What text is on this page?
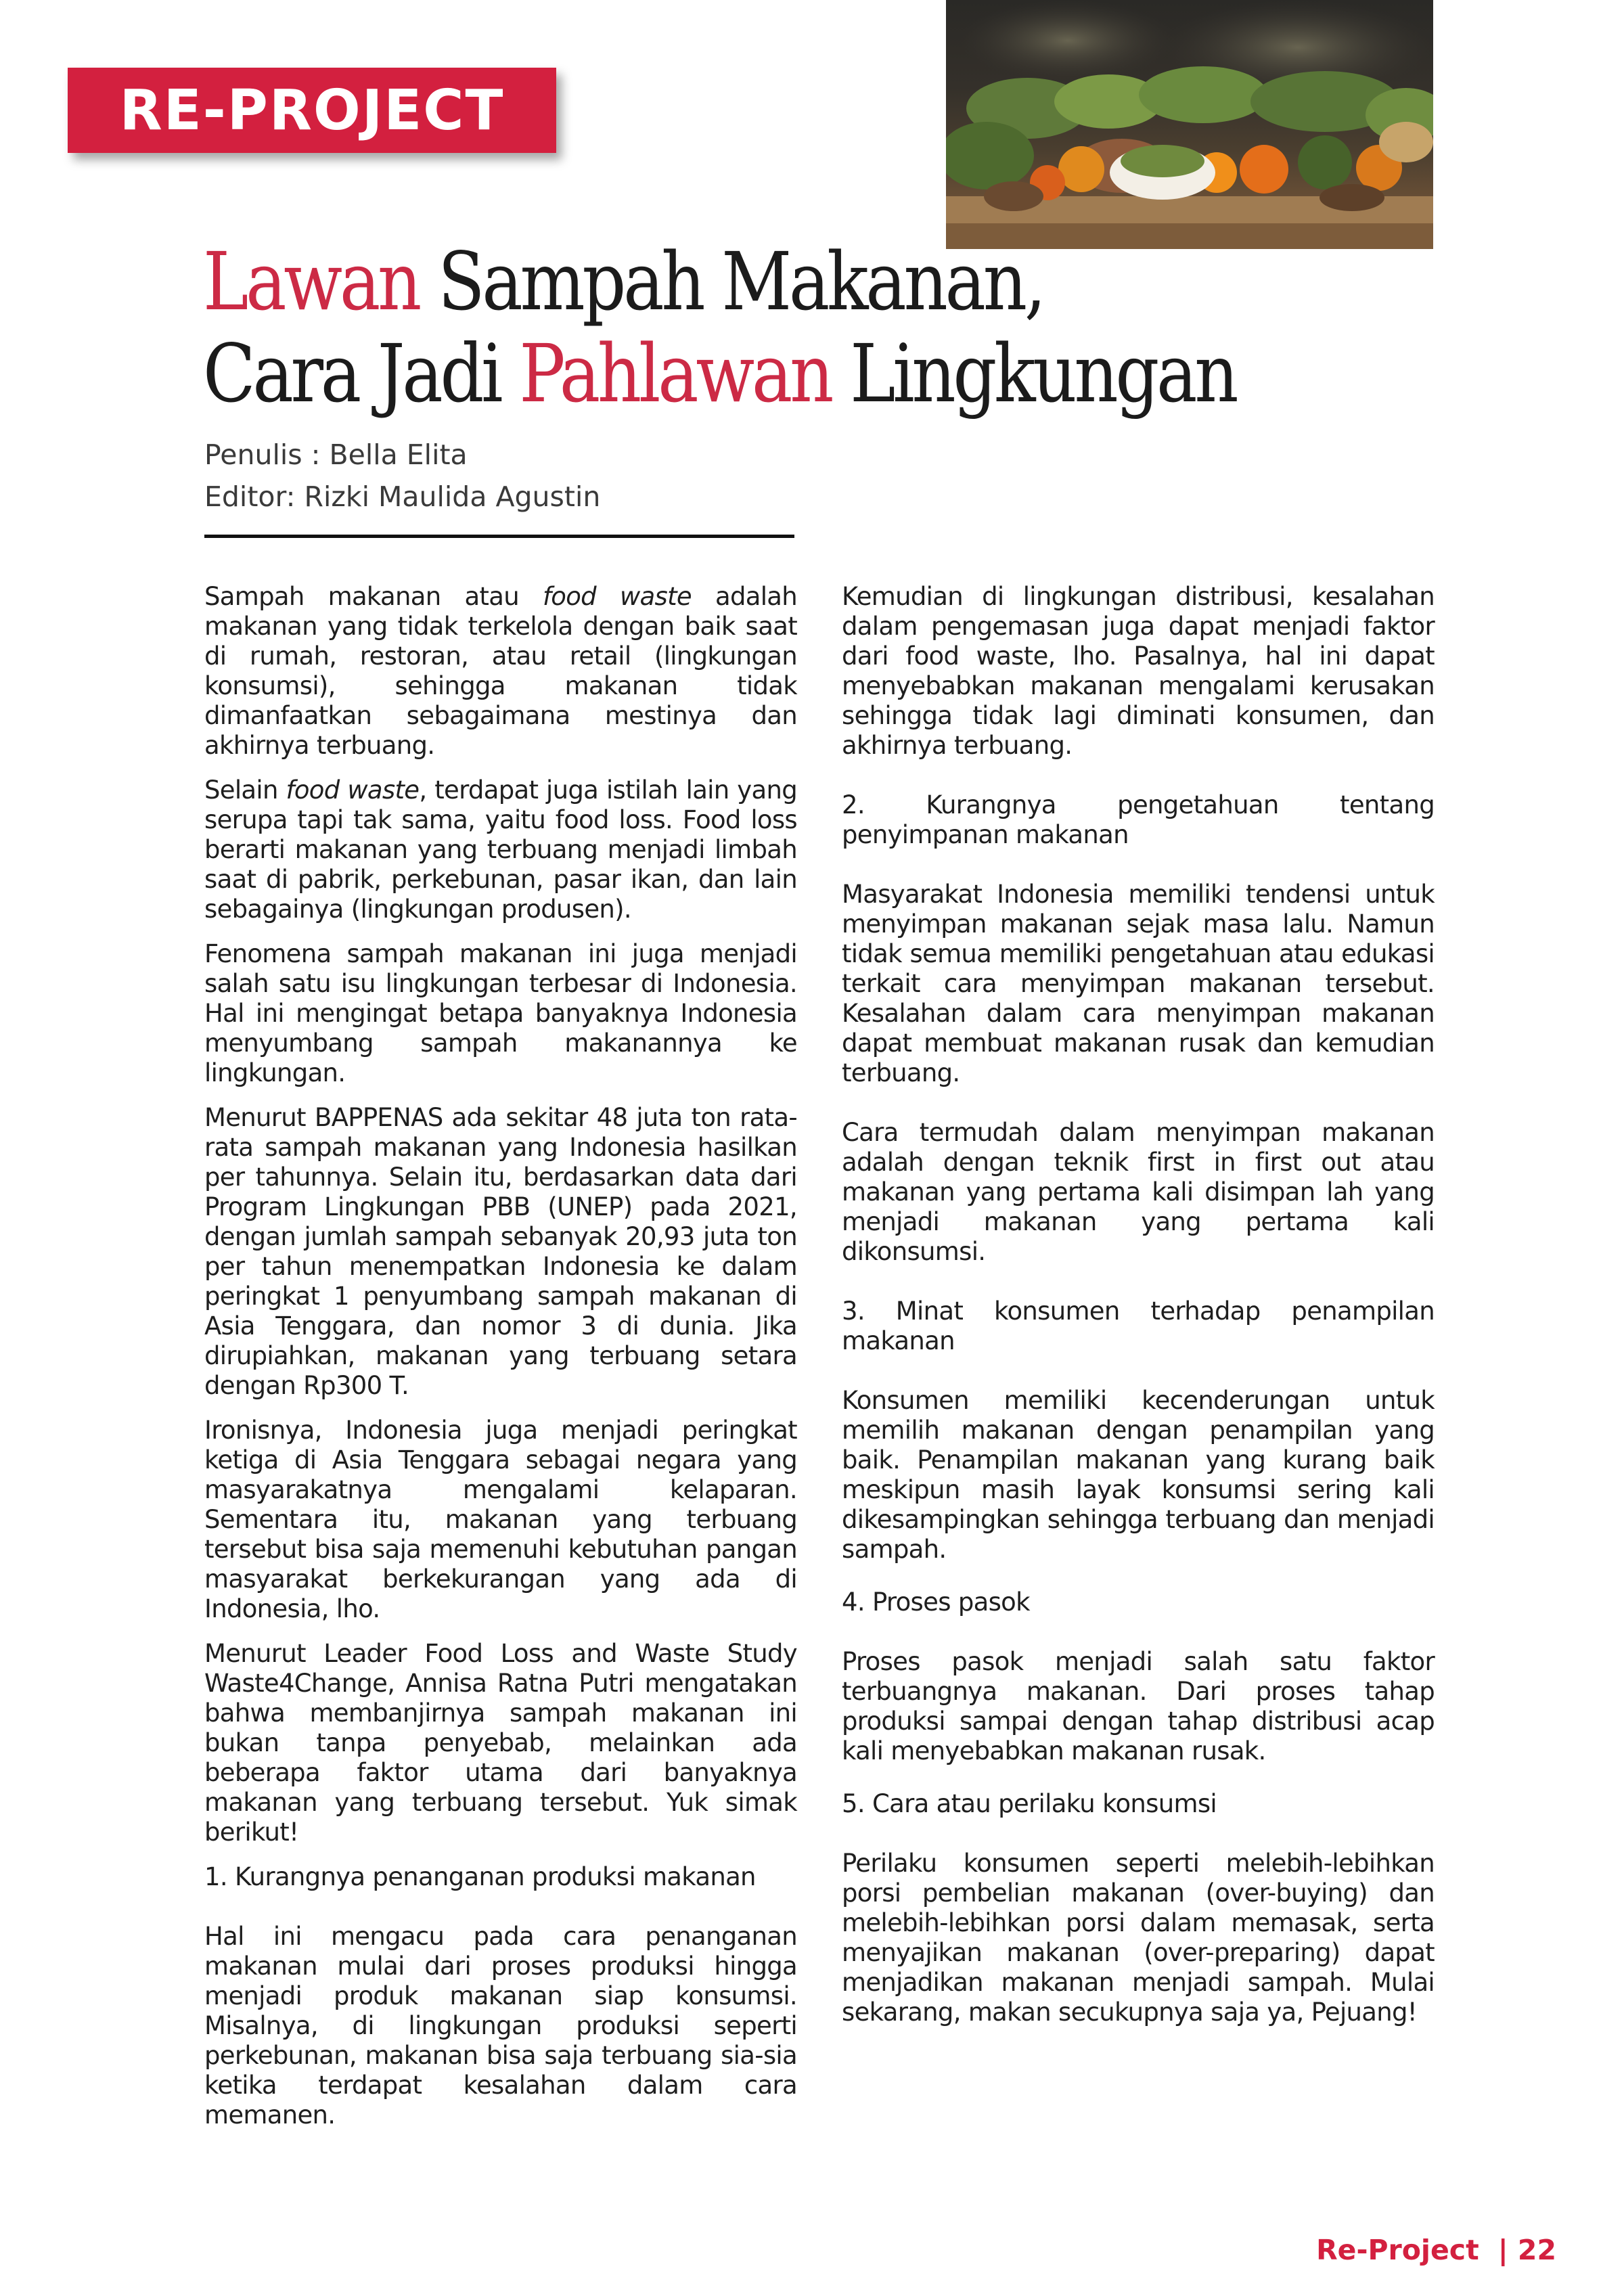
RE-PROJECT
Lawan Sampah Makanan,
Cara Jadi Pahlawan Lingkungan
Penulis : Bella Elita
Editor: Rizki Maulida Agustin

Sampah makanan atau food waste adalah makanan yang tidak terkelola dengan baik saat di rumah, restoran, atau retail (lingkungan konsumsi), sehingga makanan tidak dimanfaatkan sebagaimana mestinya dan akhirnya terbuang.

Selain food waste, terdapat juga istilah lain yang serupa tapi tak sama, yaitu food loss. Food loss berarti makanan yang terbuang menjadi limbah saat di pabrik, perkebunan, pasar ikan, dan lain sebagainya (lingkungan produsen).

Fenomena sampah makanan ini juga menjadi salah satu isu lingkungan terbesar di Indonesia. Hal ini mengingat betapa banyaknya Indonesia menyumbang sampah makanannya ke lingkungan.

Menurut BAPPENAS ada sekitar 48 juta ton rata-rata sampah makanan yang Indonesia hasilkan per tahunnya. Selain itu, berdasarkan data dari Program Lingkungan PBB (UNEP) pada 2021, dengan jumlah sampah sebanyak 20,93 juta ton per tahun menempatkan Indonesia ke dalam peringkat 1 penyumbang sampah makanan di Asia Tenggara, dan nomor 3 di dunia. Jika dirupiahkan, makanan yang terbuang setara dengan Rp300 T.

Ironisnya, Indonesia juga menjadi peringkat ketiga di Asia Tenggara sebagai negara yang masyarakatnya mengalami kelaparan. Sementara itu, makanan yang terbuang tersebut bisa saja memenuhi kebutuhan pangan masyarakat berkekurangan yang ada di Indonesia, lho.

Menurut Leader Food Loss and Waste Study Waste4Change, Annisa Ratna Putri mengatakan bahwa membanjirnya sampah makanan ini bukan tanpa penyebab, melainkan ada beberapa faktor utama dari banyaknya makanan yang terbuang tersebut. Yuk simak berikut!

1. Kurangnya penanganan produksi makanan

Hal ini mengacu pada cara penanganan makanan mulai dari proses produksi hingga menjadi produk makanan siap konsumsi. Misalnya, di lingkungan produksi seperti perkebunan, makanan bisa saja terbuang sia-sia ketika terdapat kesalahan dalam cara memanen.

Kemudian di lingkungan distribusi, kesalahan dalam pengemasan juga dapat menjadi faktor dari food waste, lho. Pasalnya, hal ini dapat menyebabkan makanan mengalami kerusakan sehingga tidak lagi diminati konsumen, dan akhirnya terbuang.

2. Kurangnya pengetahuan tentang penyimpanan makanan

Masyarakat Indonesia memiliki tendensi untuk menyimpan makanan sejak masa lalu. Namun tidak semua memiliki pengetahuan atau edukasi terkait cara menyimpan makanan tersebut. Kesalahan dalam cara menyimpan makanan dapat membuat makanan rusak dan kemudian terbuang.

Cara termudah dalam menyimpan makanan adalah dengan teknik first in first out atau makanan yang pertama kali disimpan lah yang menjadi makanan yang pertama kali dikonsumsi.

3. Minat konsumen terhadap penampilan makanan

Konsumen memiliki kecenderungan untuk memilih makanan dengan penampilan yang baik. Penampilan makanan yang kurang baik meskipun masih layak konsumsi sering kali dikesampingkan sehingga terbuang dan menjadi sampah.

4. Proses pasok

Proses pasok menjadi salah satu faktor terbuangnya makanan. Dari proses tahap produksi sampai dengan tahap distribusi acap kali menyebabkan makanan rusak.

5. Cara atau perilaku konsumsi

Perilaku konsumen seperti melebih-lebihkan porsi pembelian makanan (over-buying) dan melebih-lebihkan porsi dalam memasak, serta menyajikan makanan (over-preparing) dapat menjadikan makanan menjadi sampah. Mulai sekarang, makan secukupnya saja ya, Pejuang!

Re-Project | 22
